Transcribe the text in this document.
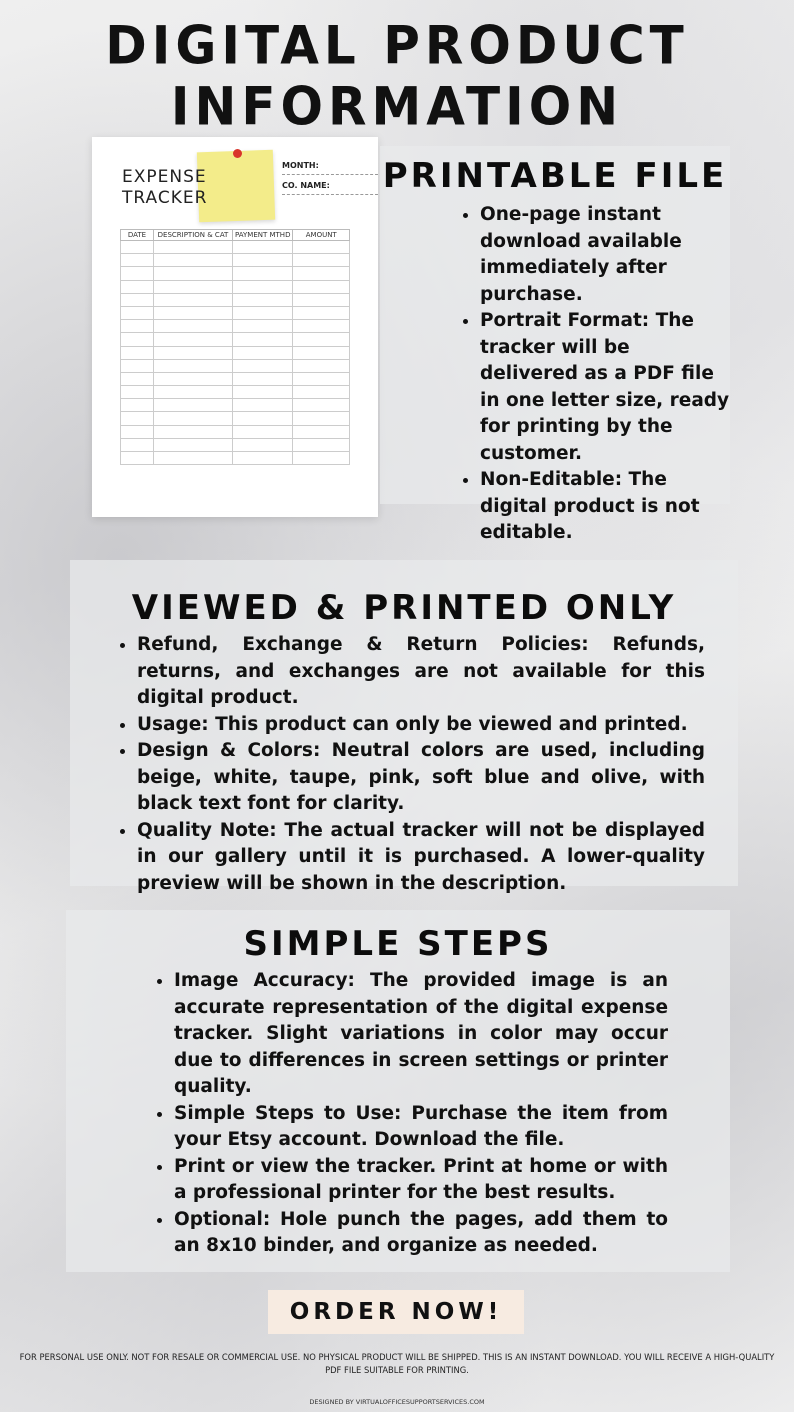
DIGITAL PRODUCT INFORMATION
EXPENSE
TRACKER
MONTH:
CO. NAME:
DATE	DESCRIPTION & CAT	PAYMENT MTHD	AMOUNT

PRINTABLE FILE
• One-page instant download available immediately after purchase.
• Portrait Format: The tracker will be delivered as a PDF file in one letter size, ready for printing by the customer.
• Non-Editable: The digital product is not editable.
VIEWED & PRINTED ONLY
• Refund, Exchange & Return Policies: Refunds, returns, and exchanges are not available for this digital product.
• Usage: This product can only be viewed and printed.
• Design & Colors: Neutral colors are used, including beige, white, taupe, pink, soft blue and olive, with black text font for clarity.
• Quality Note: The actual tracker will not be displayed in our gallery until it is purchased. A lower-quality preview will be shown in the description.
SIMPLE STEPS
• Image Accuracy: The provided image is an accurate representation of the digital expense tracker. Slight variations in color may occur due to differences in screen settings or printer quality.
• Simple Steps to Use: Purchase the item from your Etsy account. Download the file.
• Print or view the tracker. Print at home or with a professional printer for the best results.
• Optional: Hole punch the pages, add them to an 8x10 binder, and organize as needed.
ORDER NOW!
FOR PERSONAL USE ONLY. NOT FOR RESALE OR COMMERCIAL USE. NO PHYSICAL PRODUCT WILL BE SHIPPED. THIS IS AN INSTANT DOWNLOAD. YOU WILL RECEIVE A HIGH-QUALITY PDF FILE SUITABLE FOR PRINTING.
DESIGNED BY VIRTUALOFFICESUPPORTSERVICES.COM
